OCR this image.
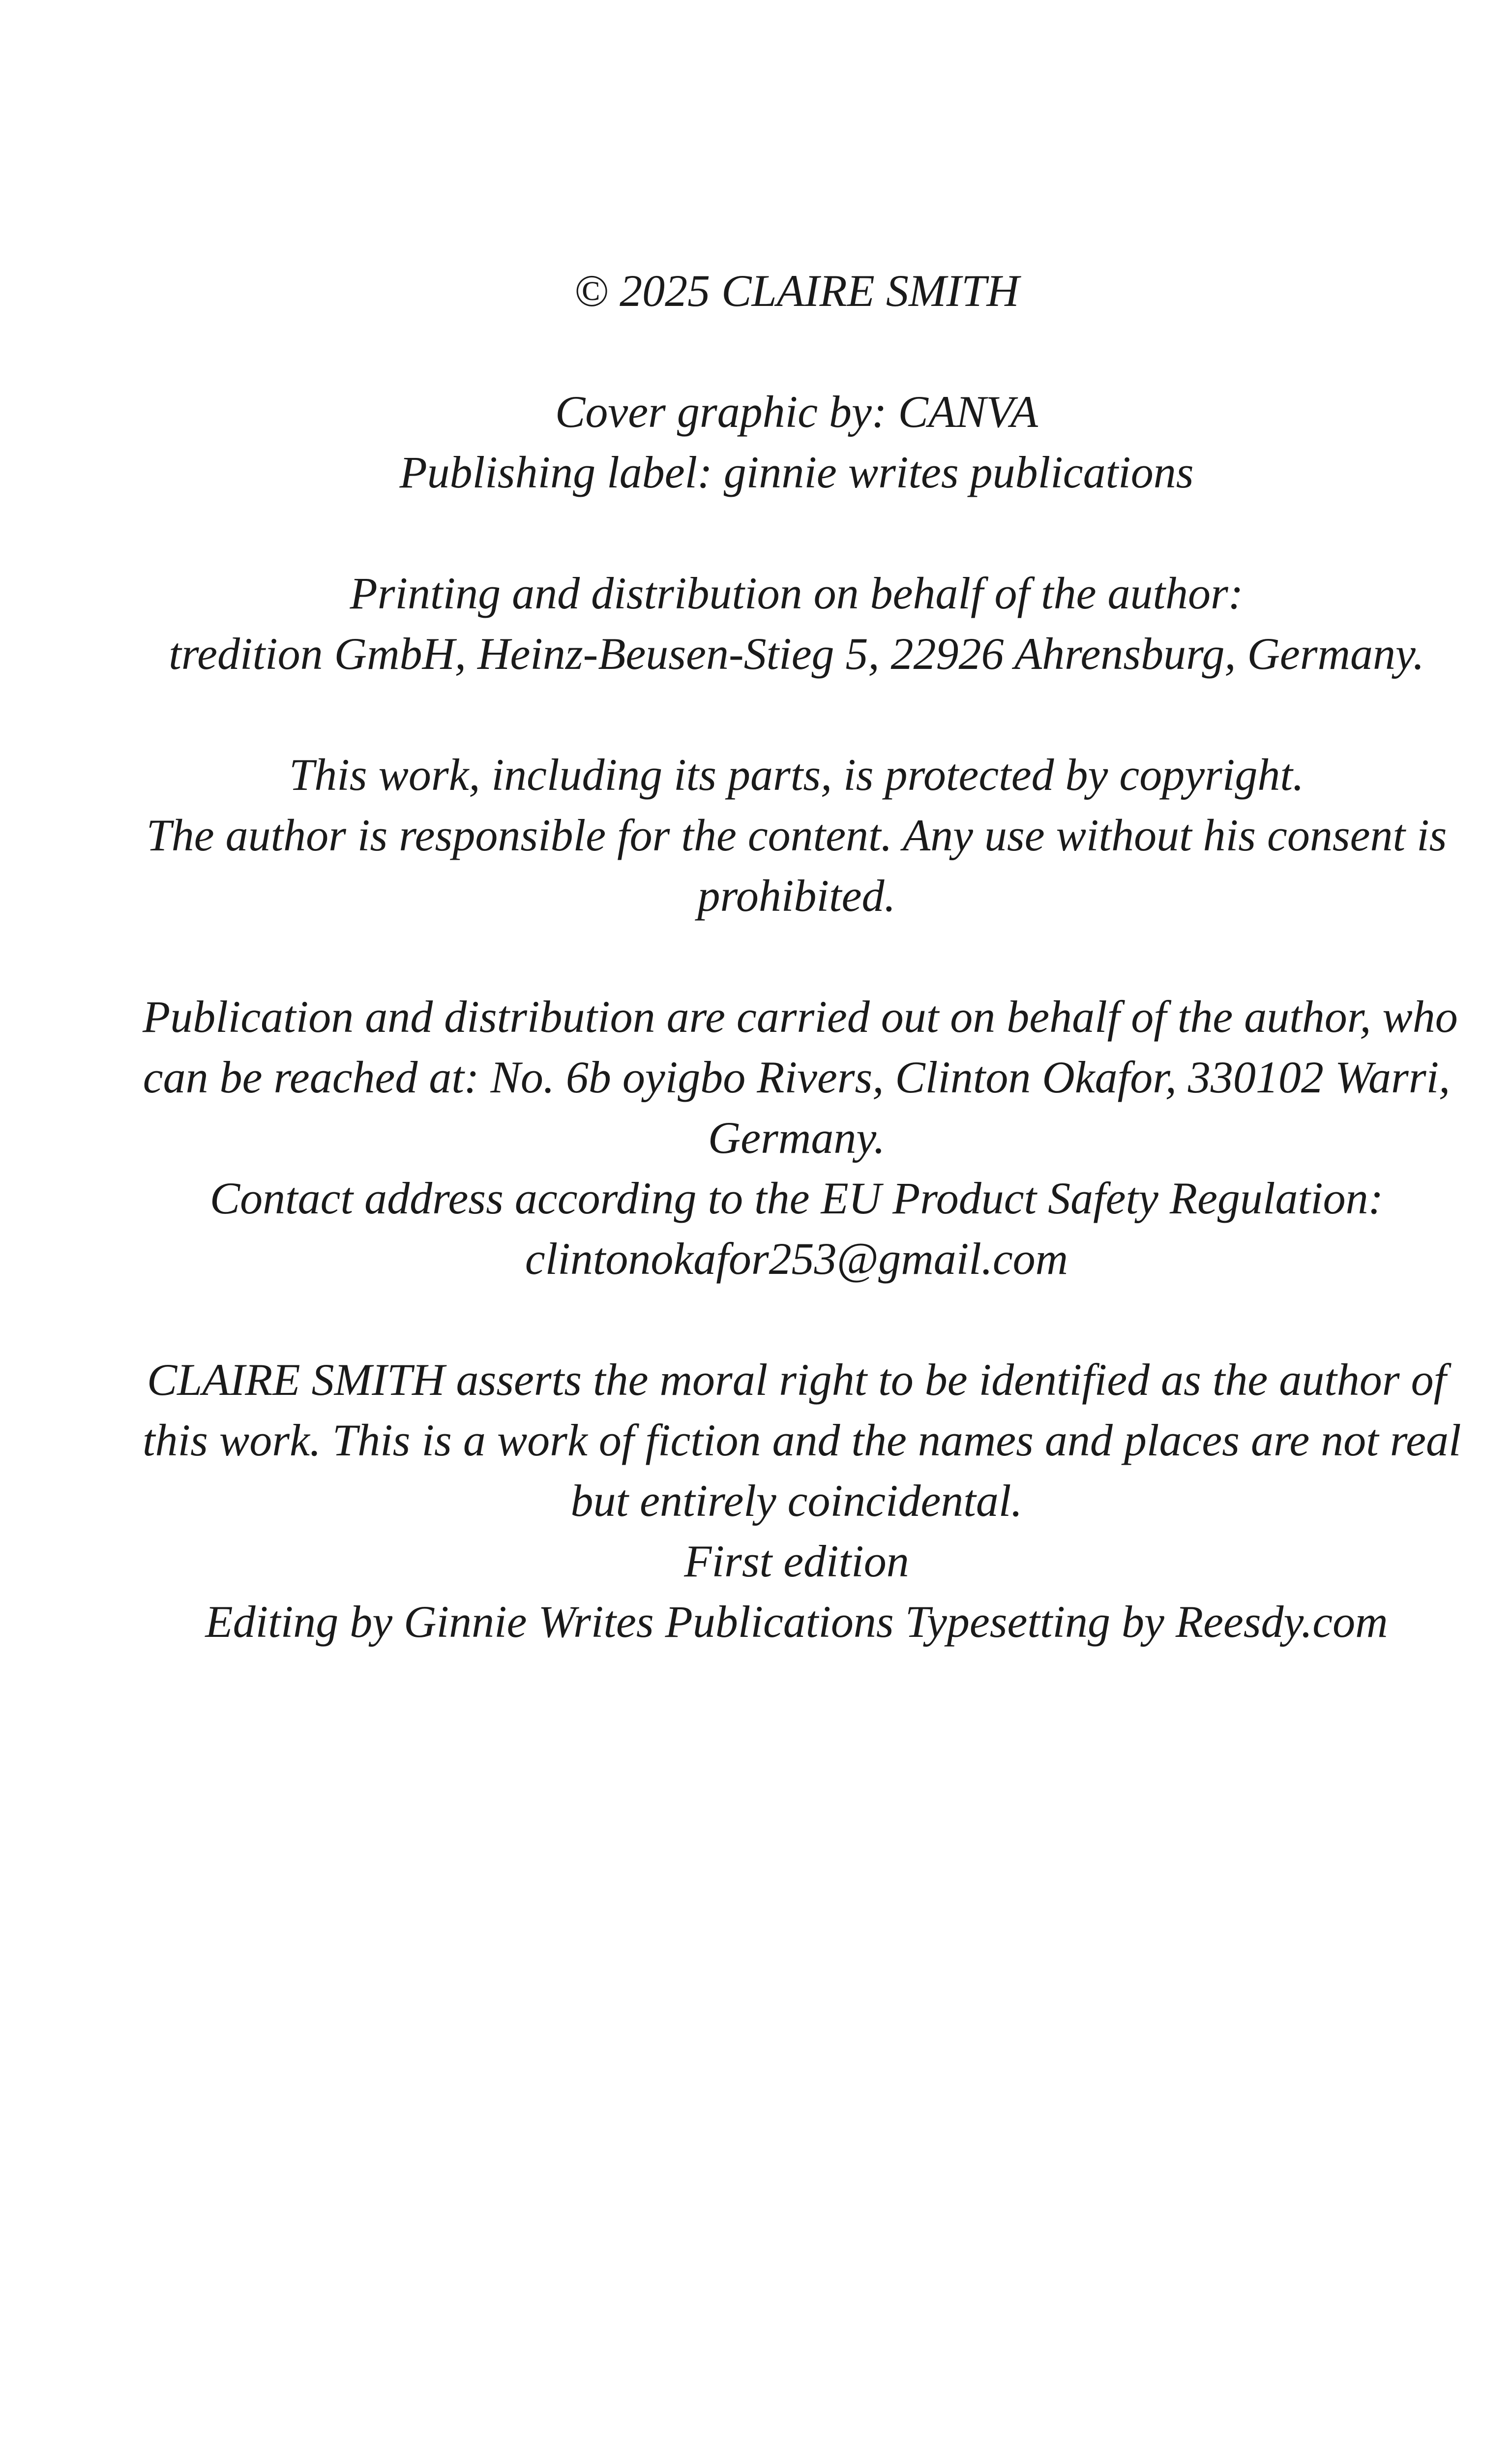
© 2025 CLAIRE SMITH
Cover graphic by: CANVA
Publishing label: ginnie writes publications
Printing and distribution on behalf of the author:
tredition GmbH, Heinz-Beusen-Stieg 5, 22926 Ahrensburg, Germany.
This work, including its parts, is protected by copyright.
The author is responsible for the content. Any use without his consent is
prohibited.
Publication and distribution are carried out on behalf of the author, who
can be reached at: No. 6b oyigbo Rivers, Clinton Okafor, 330102 Warri,
Germany.
Contact address according to the EU Product Safety Regulation:
clintonokafor253@gmail.com
CLAIRE SMITH asserts the moral right to be identified as the author of
this work. This is a work of fiction and the names and places are not real
but entirely coincidental.
First edition
Editing by Ginnie Writes Publications Typesetting by Reesdy.com
